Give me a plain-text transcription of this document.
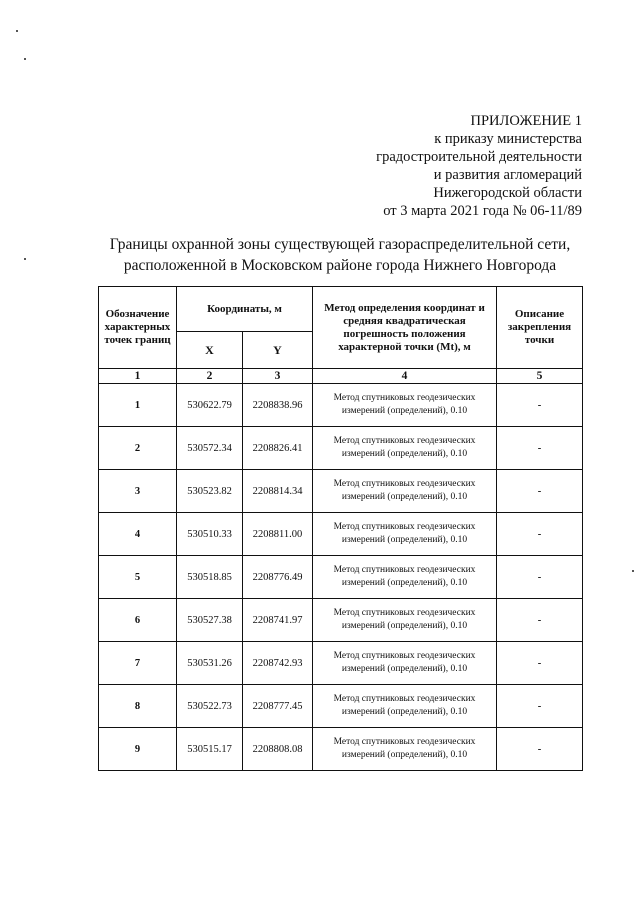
ПРИЛОЖЕНИЕ 1
к приказу министерства
градостроительной деятельности
и развития агломераций
Нижегородской области
от 3 марта 2021 года № 06-11/89
Границы охранной зоны существующей газораспределительной сети,
расположенной в Московском районе города Нижнего Новгорода
Обозначение характерных точек границ	Координаты, м		Метод определения координат и средняя квадратическая погрешность положения характерной точки (Mt), м	Описание закрепления точки
	X	Y		
1	2	3	4	5
1	530622.79	2208838.96	Метод спутниковых геодезических измерений (определений), 0.10	-
2	530572.34	2208826.41	Метод спутниковых геодезических измерений (определений), 0.10	-
3	530523.82	2208814.34	Метод спутниковых геодезических измерений (определений), 0.10	-
4	530510.33	2208811.00	Метод спутниковых геодезических измерений (определений), 0.10	-
5	530518.85	2208776.49	Метод спутниковых геодезических измерений (определений), 0.10	-
6	530527.38	2208741.97	Метод спутниковых геодезических измерений (определений), 0.10	-
7	530531.26	2208742.93	Метод спутниковых геодезических измерений (определений), 0.10	-
8	530522.73	2208777.45	Метод спутниковых геодезических измерений (определений), 0.10	-
9	530515.17	2208808.08	Метод спутниковых геодезических измерений (определений), 0.10	-
